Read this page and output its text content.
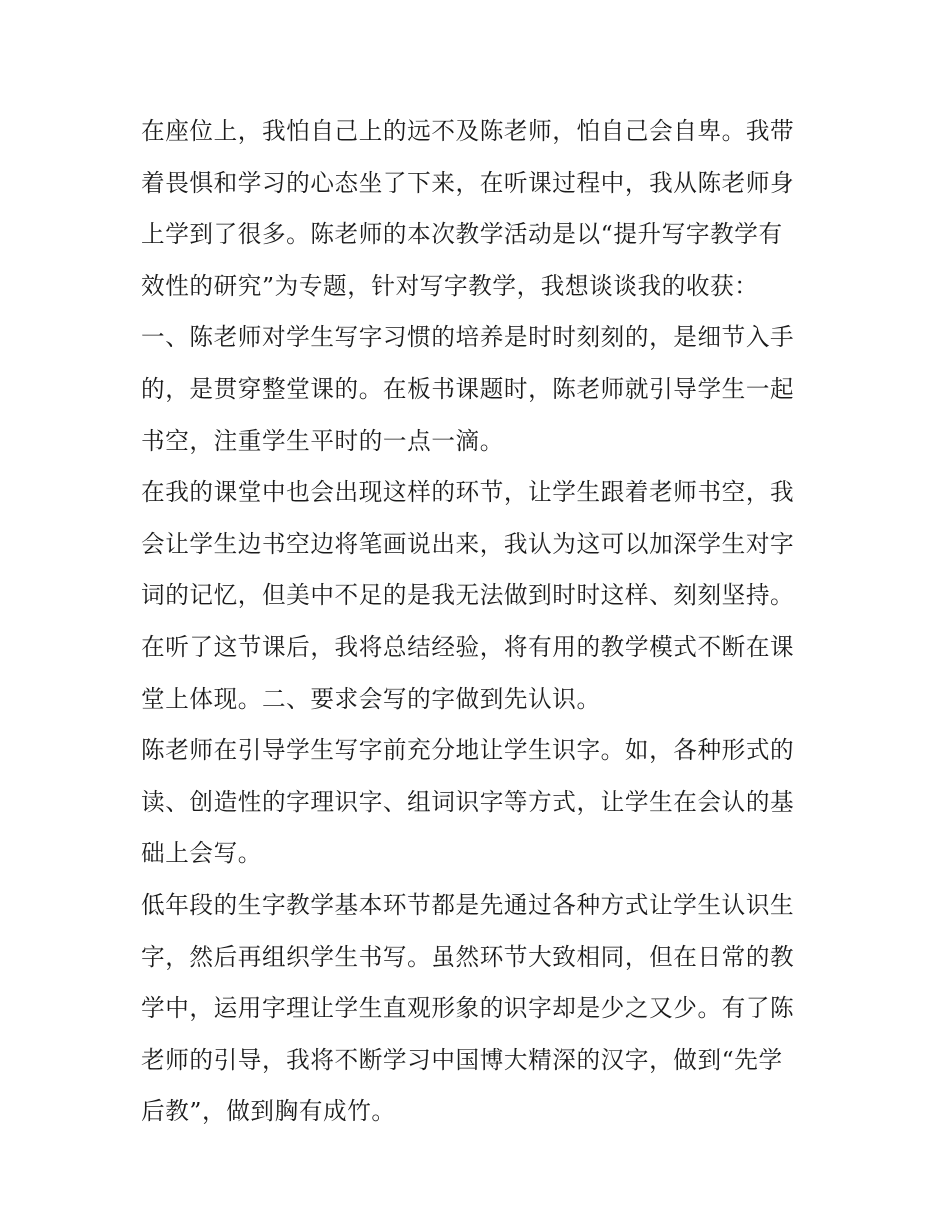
在座位上，我怕自己上的远不及陈老师，怕自己会自卑。我带
着畏惧和学习的心态坐了下来，在听课过程中，我从陈老师身
上学到了很多。陈老师的本次教学活动是以“提升写字教学有
效性的研究”为专题，针对写字教学，我想谈谈我的收获：
一、陈老师对学生写字习惯的培养是时时刻刻的，是细节入手
的，是贯穿整堂课的。在板书课题时，陈老师就引导学生一起
书空，注重学生平时的一点一滴。
在我的课堂中也会出现这样的环节，让学生跟着老师书空，我
会让学生边书空边将笔画说出来，我认为这可以加深学生对字
词的记忆，但美中不足的是我无法做到时时这样、刻刻坚持。
在听了这节课后，我将总结经验，将有用的教学模式不断在课
堂上体现。二、要求会写的字做到先认识。
陈老师在引导学生写字前充分地让学生识字。如，各种形式的
读、创造性的字理识字、组词识字等方式，让学生在会认的基
础上会写。
低年段的生字教学基本环节都是先通过各种方式让学生认识生
字，然后再组织学生书写。虽然环节大致相同，但在日常的教
学中，运用字理让学生直观形象的识字却是少之又少。有了陈
老师的引导，我将不断学习中国博大精深的汉字，做到“先学
后教”，做到胸有成竹。
